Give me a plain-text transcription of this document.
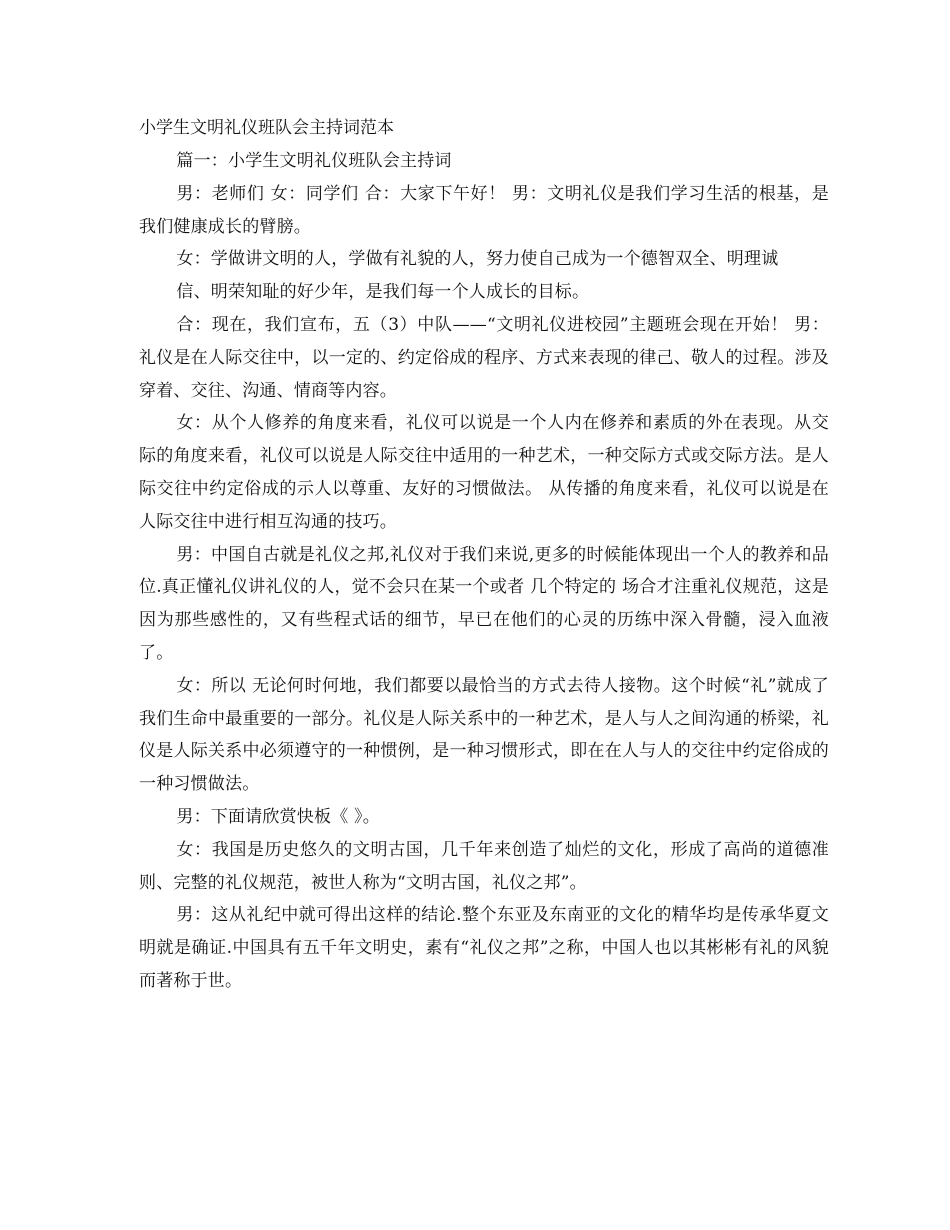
小学生文明礼仪班队会主持词范本

篇一：小学生文明礼仪班队会主持词

男：老师们 女：同学们 合：大家下午好！ 男：文明礼仪是我们学习生活的根基，是我们健康成长的臂膀。

女：学做讲文明的人，学做有礼貌的人，努力使自己成为一个德智双全、明理诚

信、明荣知耻的好少年，是我们每一个人成长的目标。

合：现在，我们宣布，五（3）中队——“文明礼仪进校园”主题班会现在开始！ 男：礼仪是在人际交往中，以一定的、约定俗成的程序、方式来表现的律己、敬人的过程。涉及穿着、交往、沟通、情商等内容。

女：从个人修养的角度来看，礼仪可以说是一个人内在修养和素质的外在表现。从交际的角度来看，礼仪可以说是人际交往中适用的一种艺术，一种交际方式或交际方法。是人际交往中约定俗成的示人以尊重、友好的习惯做法。 从传播的角度来看，礼仪可以说是在人际交往中进行相互沟通的技巧。

男：中国自古就是礼仪之邦,礼仪对于我们来说,更多的时候能体现出一个人的教养和品位.真正懂礼仪讲礼仪的人，觉不会只在某一个或者 几个特定的 场合才注重礼仪规范，这是因为那些感性的，又有些程式话的细节，早已在他们的心灵的历练中深入骨髓，浸入血液了。

女：所以 无论何时何地，我们都要以最恰当的方式去待人接物。这个时候“礼”就成了我们生命中最重要的一部分。礼仪是人际关系中的一种艺术，是人与人之间沟通的桥梁，礼仪是人际关系中必须遵守的一种惯例，是一种习惯形式，即在在人与人的交往中约定俗成的一种习惯做法。

男：下面请欣赏快板《 》。

女：我国是历史悠久的文明古国，几千年来创造了灿烂的文化，形成了高尚的道德准则、完整的礼仪规范，被世人称为“文明古国，礼仪之邦”。

男：这从礼纪中就可得出这样的结论.整个东亚及东南亚的文化的精华均是传承华夏文明就是确证.中国具有五千年文明史，素有“礼仪之邦”之称，中国人也以其彬彬有礼的风貌而著称于世。
